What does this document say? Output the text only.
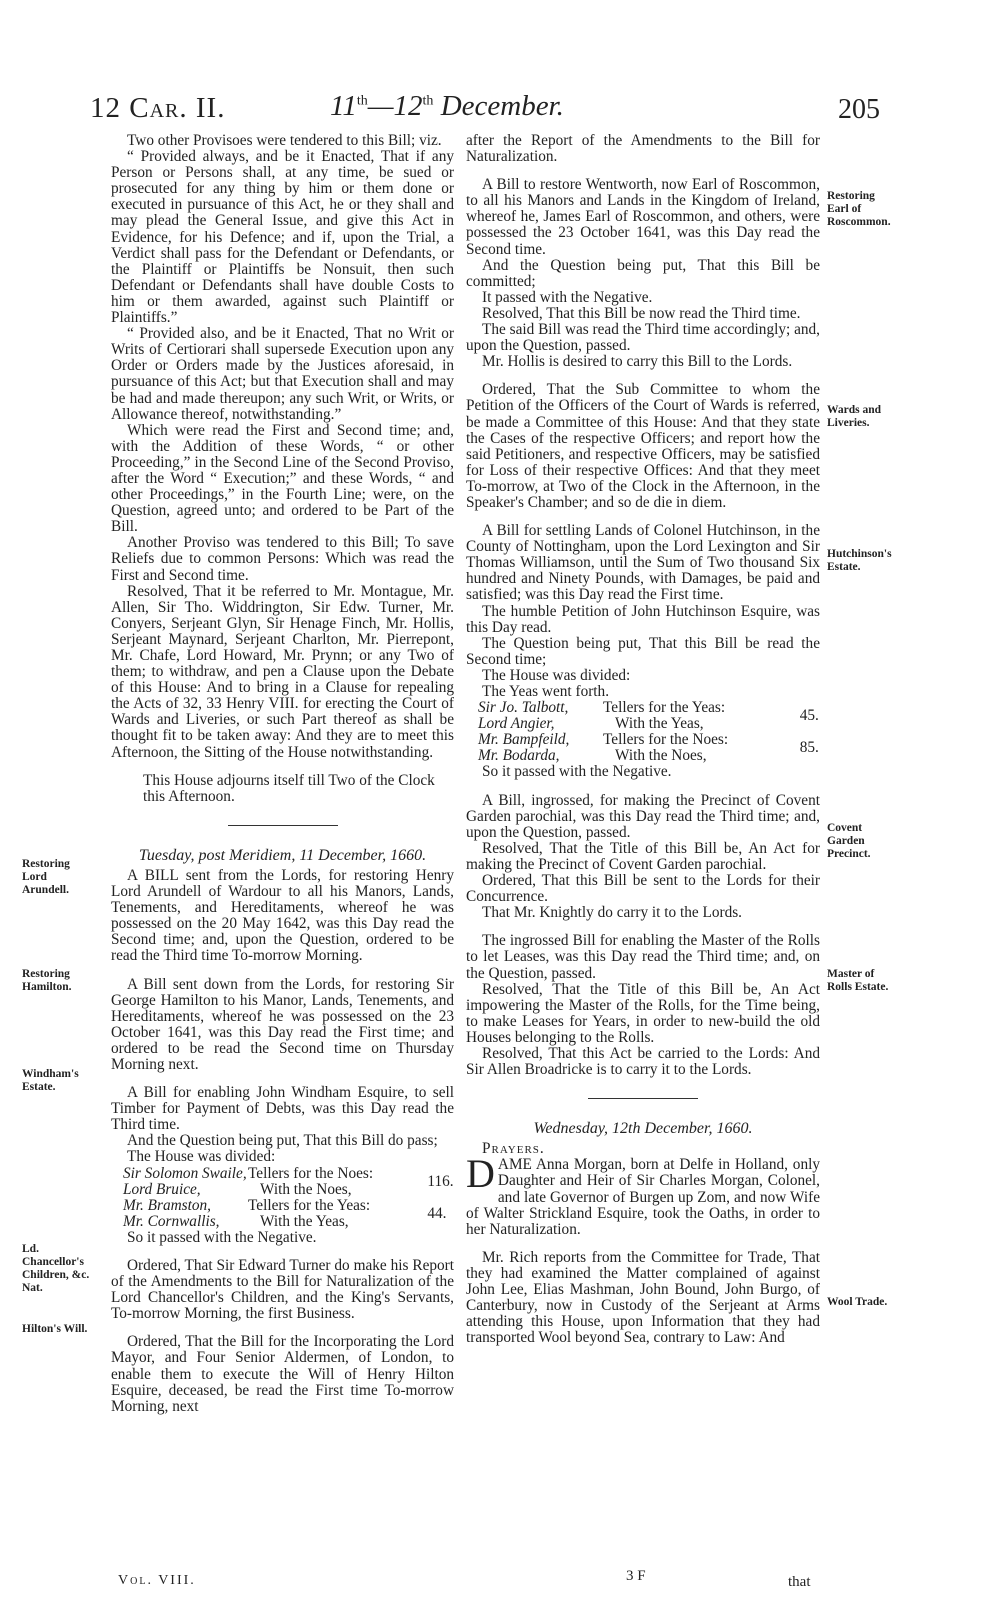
12 Car. II.	11th—12th December.	205
Restoring Lord Arundell.
Restoring Hamilton.
Windham's Estate.
Ld. Chancellor's Children, &c. Nat.
Hilton's Will.
Restoring Earl of Roscommon.
Wards and Liveries.
Hutchinson's Estate.
Covent Garden Precinct.
Master of Rolls Estate.
Wool Trade.

Two other Provisoes were tendered to this Bill; viz.

“ Provided always, and be it Enacted, That if any Person or Persons shall, at any time, be sued or prosecuted for any thing by him or them done or executed in pursuance of this Act, he or they shall and may plead the General Issue, and give this Act in Evidence, for his Defence; and if, upon the Trial, a Verdict shall pass for the Defendant or Defendants, or the Plaintiff or Plaintiffs be Nonsuit, then such Defendant or Defendants shall have double Costs to him or them awarded, against such Plaintiff or Plaintiffs.”

“ Provided also, and be it Enacted, That no Writ or Writs of Certiorari shall supersede Execution upon any Order or Orders made by the Justices aforesaid, in pursuance of this Act; but that Execution shall and may be had and made thereupon; any such Writ, or Writs, or Allowance thereof, notwithstanding.”

Which were read the First and Second time; and, with the Addition of these Words, “ or other Proceeding,” in the Second Line of the Second Proviso, after the Word “ Execution;” and these Words, “ and other Proceedings,” in the Fourth Line; were, on the Question, agreed unto; and ordered to be Part of the Bill.

Another Proviso was tendered to this Bill; To save Reliefs due to common Persons: Which was read the First and Second time.

Resolved, That it be referred to Mr. Montague, Mr. Allen, Sir Tho. Widdrington, Sir Edw. Turner, Mr. Conyers, Serjeant Glyn, Sir Henage Finch, Mr. Hollis, Serjeant Maynard, Serjeant Charlton, Mr. Pierrepont, Mr. Chafe, Lord Howard, Mr. Prynn; or any Two of them; to withdraw, and pen a Clause upon the Debate of this House: And to bring in a Clause for repealing the Acts of 32, 33 Henry VIII. for erecting the Court of Wards and Liveries, or such Part thereof as shall be thought fit to be taken away: And they are to meet this Afternoon, the Sitting of the House notwithstanding.

This House adjourns itself till Two of the Clock this Afternoon.

Tuesday, post Meridiem, 11 December, 1660.

A BILL sent from the Lords, for restoring Henry Lord Arundell of Wardour to all his Manors, Lands, Tenements, and Hereditaments, whereof he was possessed on the 20 May 1642, was this Day read the Second time; and, upon the Question, ordered to be read the Third time To-morrow Morning.

A Bill sent down from the Lords, for restoring Sir George Hamilton to his Manor, Lands, Tenements, and Hereditaments, whereof he was possessed on the 23 October 1641, was this Day read the First time; and ordered to be read the Second time on Thursday Morning next.

A Bill for enabling John Windham Esquire, to sell Timber for Payment of Debts, was this Day read the Third time.

And the Question being put, That this Bill do pass;

The House was divided:

Sir Solomon Swaile,	Tellers for the Noes:	116.
Lord Bruice,	With the Noes,	
Mr. Bramston,	Tellers for the Yeas:	44.
Mr. Cornwallis,	With the Yeas,	

So it passed with the Negative.

Ordered, That Sir Edward Turner do make his Report of the Amendments to the Bill for Naturalization of the Lord Chancellor's Children, and the King's Servants, To-morrow Morning, the first Business.

Ordered, That the Bill for the Incorporating the Lord Mayor, and Four Senior Aldermen, of London, to enable them to execute the Will of Henry Hilton Esquire, deceased, be read the First time To-morrow Morning, next

after the Report of the Amendments to the Bill for Naturalization.

A Bill to restore Wentworth, now Earl of Roscommon, to all his Manors and Lands in the Kingdom of Ireland, whereof he, James Earl of Roscommon, and others, were possessed the 23 October 1641, was this Day read the Second time.

And the Question being put, That this Bill be committed;

It passed with the Negative.

Resolved, That this Bill be now read the Third time.

The said Bill was read the Third time accordingly; and, upon the Question, passed.

Mr. Hollis is desired to carry this Bill to the Lords.

Ordered, That the Sub Committee to whom the Petition of the Officers of the Court of Wards is referred, be made a Committee of this House: And that they state the Cases of the respective Officers; and report how the said Petitioners, and respective Officers, may be satisfied for Loss of their respective Offices: And that they meet To-morrow, at Two of the Clock in the Afternoon, in the Speaker's Chamber; and so de die in diem.

A Bill for settling Lands of Colonel Hutchinson, in the County of Nottingham, upon the Lord Lexington and Sir Thomas Williamson, until the Sum of Two thousand Six hundred and Ninety Pounds, with Damages, be paid and satisfied; was this Day read the First time.

The humble Petition of John Hutchinson Esquire, was this Day read.

The Question being put, That this Bill be read the Second time;

The House was divided:

The Yeas went forth.

Sir Jo. Talbott,	Tellers for the Yeas:	45.
Lord Angier,	With the Yeas,	
Mr. Bampfeild,	Tellers for the Noes:	85.
Mr. Bodarda,	With the Noes,	

So it passed with the Negative.

A Bill, ingrossed, for making the Precinct of Covent Garden parochial, was this Day read the Third time; and, upon the Question, passed.

Resolved, That the Title of this Bill be, An Act for making the Precinct of Covent Garden parochial.

Ordered, That this Bill be sent to the Lords for their Concurrence.

That Mr. Knightly do carry it to the Lords.

The ingrossed Bill for enabling the Master of the Rolls to let Leases, was this Day read the Third time; and, on the Question, passed.

Resolved, That the Title of this Bill be, An Act impowering the Master of the Rolls, for the Time being, to make Leases for Years, in order to new-build the old Houses belonging to the Rolls.

Resolved, That this Act be carried to the Lords: And Sir Allen Broadricke is to carry it to the Lords.

Wednesday, 12th December, 1660.

Prayers.

DAME Anna Morgan, born at Delfe in Holland, only Daughter and Heir of Sir Charles Morgan, Colonel, and late Governor of Burgen up Zom, and now Wife of Walter Strickland Esquire, took the Oaths, in order to her Naturalization.

Mr. Rich reports from the Committee for Trade, That they had examined the Matter complained of against John Lee, Elias Mashman, John Bound, John Burgo, of Canterbury, now in Custody of the Serjeant at Arms attending this House, upon Information that they had transported Wool beyond Sea, contrary to Law: And

Vol. VIII.	3 F	that
